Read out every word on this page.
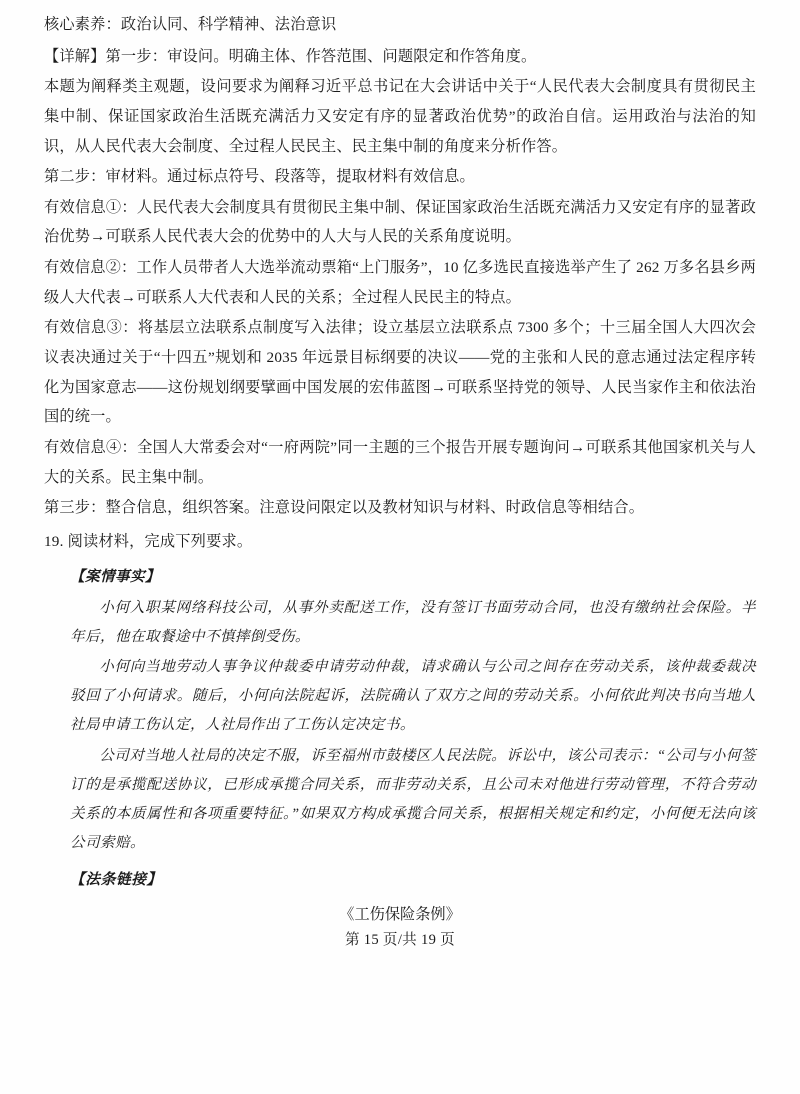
核心素养：政治认同、科学精神、法治意识
【详解】第一步：审设问。明确主体、作答范围、问题限定和作答角度。
本题为阐释类主观题，设问要求为阐释习近平总书记在大会讲话中关于“人民代表大会制度具有贯彻民主集中制、保证国家政治生活既充满活力又安定有序的显著政治优势”的政治自信。运用政治与法治的知识，从人民代表大会制度、全过程人民民主、民主集中制的角度来分析作答。
第二步：审材料。通过标点符号、段落等，提取材料有效信息。
有效信息①：人民代表大会制度具有贯彻民主集中制、保证国家政治生活既充满活力又安定有序的显著政治优势→可联系人民代表大会的优势中的人大与人民的关系角度说明。
有效信息②：工作人员带者人大选举流动票箱“上门服务”，10 亿多选民直接选举产生了 262 万多名县乡两级人大代表→可联系人大代表和人民的关系；全过程人民民主的特点。
有效信息③：将基层立法联系点制度写入法律；设立基层立法联系点 7300 多个；十三届全国人大四次会议表决通过关于“十四五”规划和 2035 年远景目标纲要的决议——党的主张和人民的意志通过法定程序转化为国家意志——这份规划纲要擘画中国发展的宏伟蓝图→可联系坚持党的领导、人民当家作主和依法治国的统一。
有效信息④：全国人大常委会对“一府两院”同一主题的三个报告开展专题询问→可联系其他国家机关与人大的关系。民主集中制。
第三步：整合信息，组织答案。注意设问限定以及教材知识与材料、时政信息等相结合。
19. 阅读材料，完成下列要求。
【案情事实】
小何入职某网络科技公司，从事外卖配送工作，没有签订书面劳动合同，也没有缴纳社会保险。半年后，他在取餐途中不慎摔倒受伤。
小何向当地劳动人事争议仲裁委申请劳动仲裁，请求确认与公司之间存在劳动关系，该仲裁委裁决驳回了小何请求。随后，小何向法院起诉，法院确认了双方之间的劳动关系。小何依此判决书向当地人社局申请工伤认定，人社局作出了工伤认定决定书。
公司对当地人社局的决定不服，诉至福州市鼓楼区人民法院。诉讼中，该公司表示：“公司与小何签订的是承揽配送协议，已形成承揽合同关系，而非劳动关系，且公司未对他进行劳动管理，不符合劳动关系的本质属性和各项重要特征。”如果双方构成承揽合同关系，根据相关规定和约定，小何便无法向该公司索赔。
【法条链接】
《工伤保险条例》
第 15 页/共 19 页
